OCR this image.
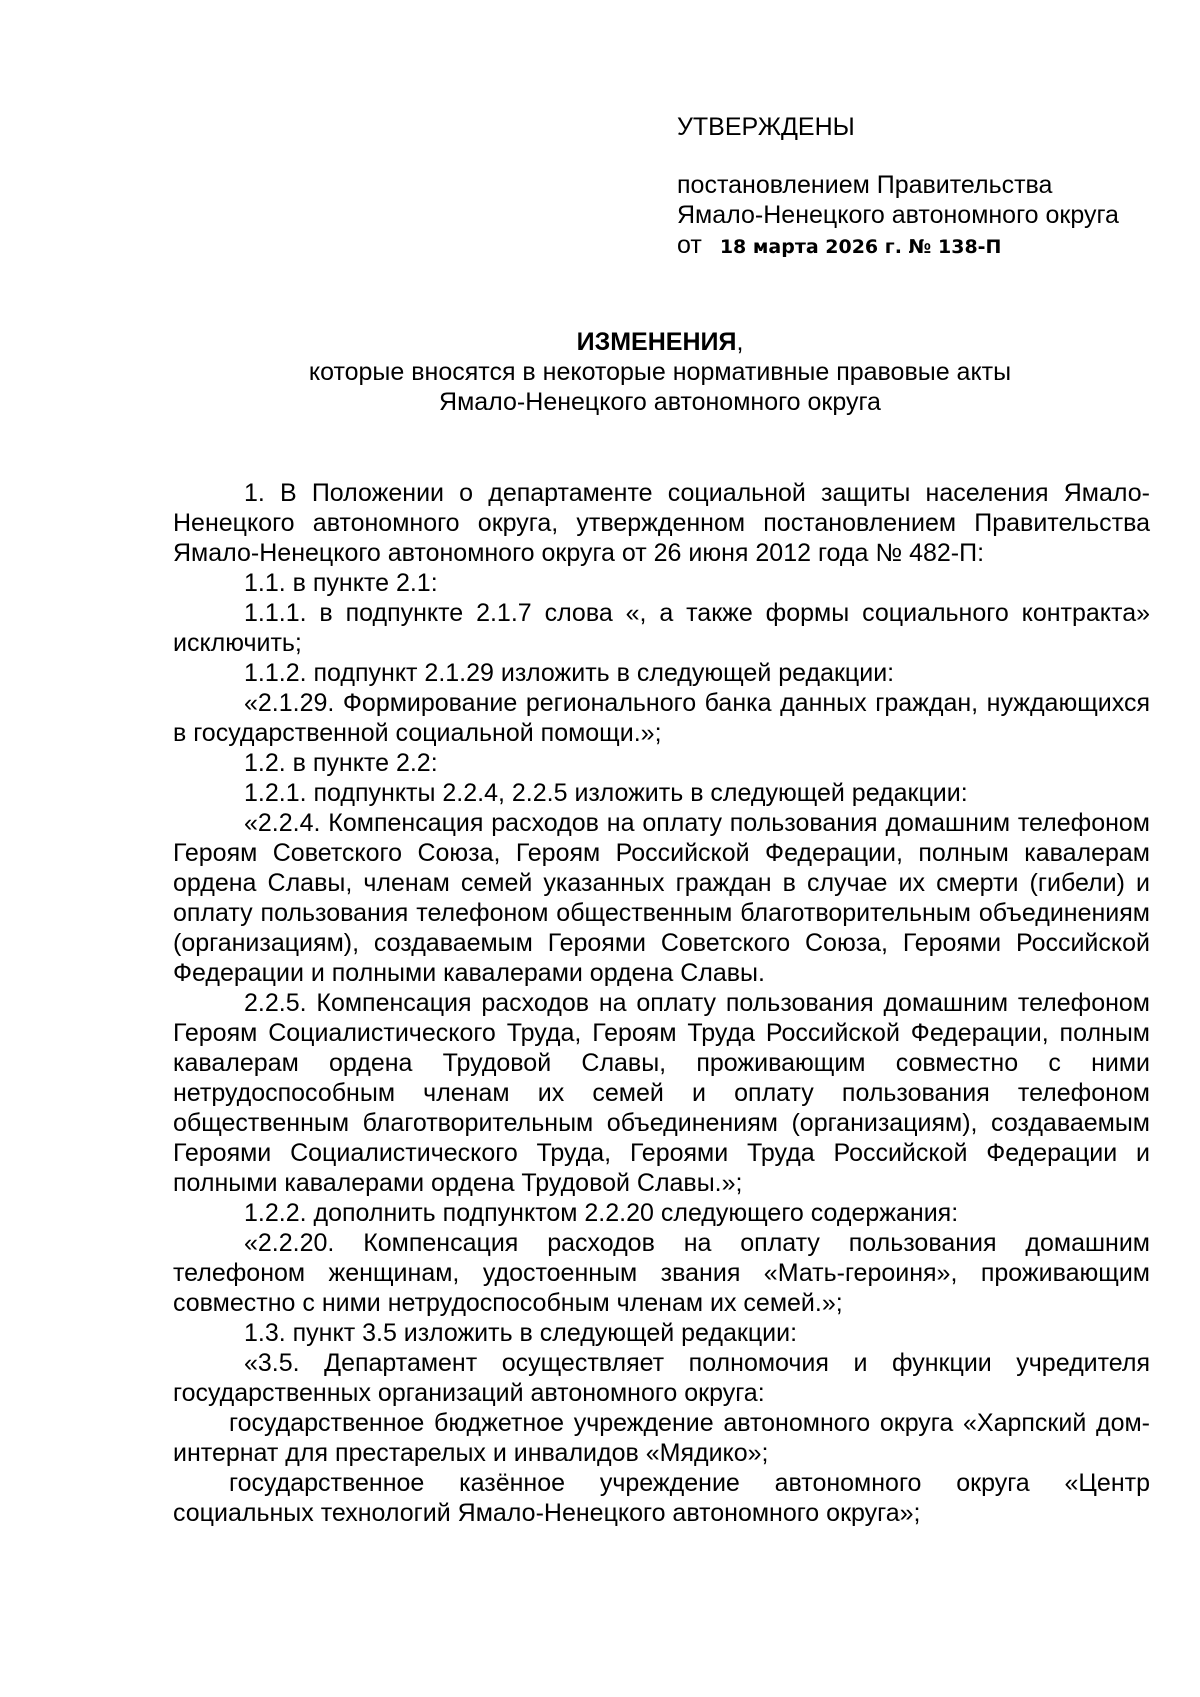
УТВЕРЖДЕНЫ
постановлением Правительства
Ямало-Ненецкого автономного округа
от 18 марта 2026 г. № 138-П
ИЗМЕНЕНИЯ,
которые вносятся в некоторые нормативные правовые акты
Ямало-Ненецкого автономного округа

1. В Положении о департаменте социальной защиты населения Ямало-Ненецкого автономного округа, утвержденном постановлением Правительства Ямало-Ненецкого автономного округа от 26 июня 2012 года № 482-П:

1.1. в пункте 2.1:

1.1.1. в подпункте 2.1.7 слова «, а также формы социального контракта» исключить;

1.1.2. подпункт 2.1.29 изложить в следующей редакции:

«2.1.29. Формирование регионального банка данных граждан, нуждающихся в государственной социальной помощи.»;

1.2. в пункте 2.2:

1.2.1. подпункты 2.2.4, 2.2.5 изложить в следующей редакции:

«2.2.4. Компенсация расходов на оплату пользования домашним телефоном Героям Советского Союза, Героям Российской Федерации, полным кавалерам ордена Славы, членам семей указанных граждан в случае их смерти (гибели) и оплату пользования телефоном общественным благотворительным объединениям (организациям), создаваемым Героями Советского Союза, Героями Российской Федерации и полными кавалерами ордена Славы.

2.2.5. Компенсация расходов на оплату пользования домашним телефоном Героям Социалистического Труда, Героям Труда Российской Федерации, полным кавалерам ордена Трудовой Славы, проживающим совместно с ними нетрудоспособным членам их семей и оплату пользования телефоном общественным благотворительным объединениям (организациям), создаваемым Героями Социалистического Труда, Героями Труда Российской Федерации и полными кавалерами ордена Трудовой Славы.»;

1.2.2. дополнить подпунктом 2.2.20 следующего содержания:

«2.2.20. Компенсация расходов на оплату пользования домашним телефоном женщинам, удостоенным звания «Мать-героиня», проживающим совместно с ними нетрудоспособным членам их семей.»;

1.3. пункт 3.5 изложить в следующей редакции:

«3.5. Департамент осуществляет полномочия и функции учредителя государственных организаций автономного округа:

государственное бюджетное учреждение автономного округа «Харпский дом-интернат для престарелых и инвалидов «Мядико»;

государственное казённое учреждение автономного округа «Центр социальных технологий Ямало-Ненецкого автономного округа»;
